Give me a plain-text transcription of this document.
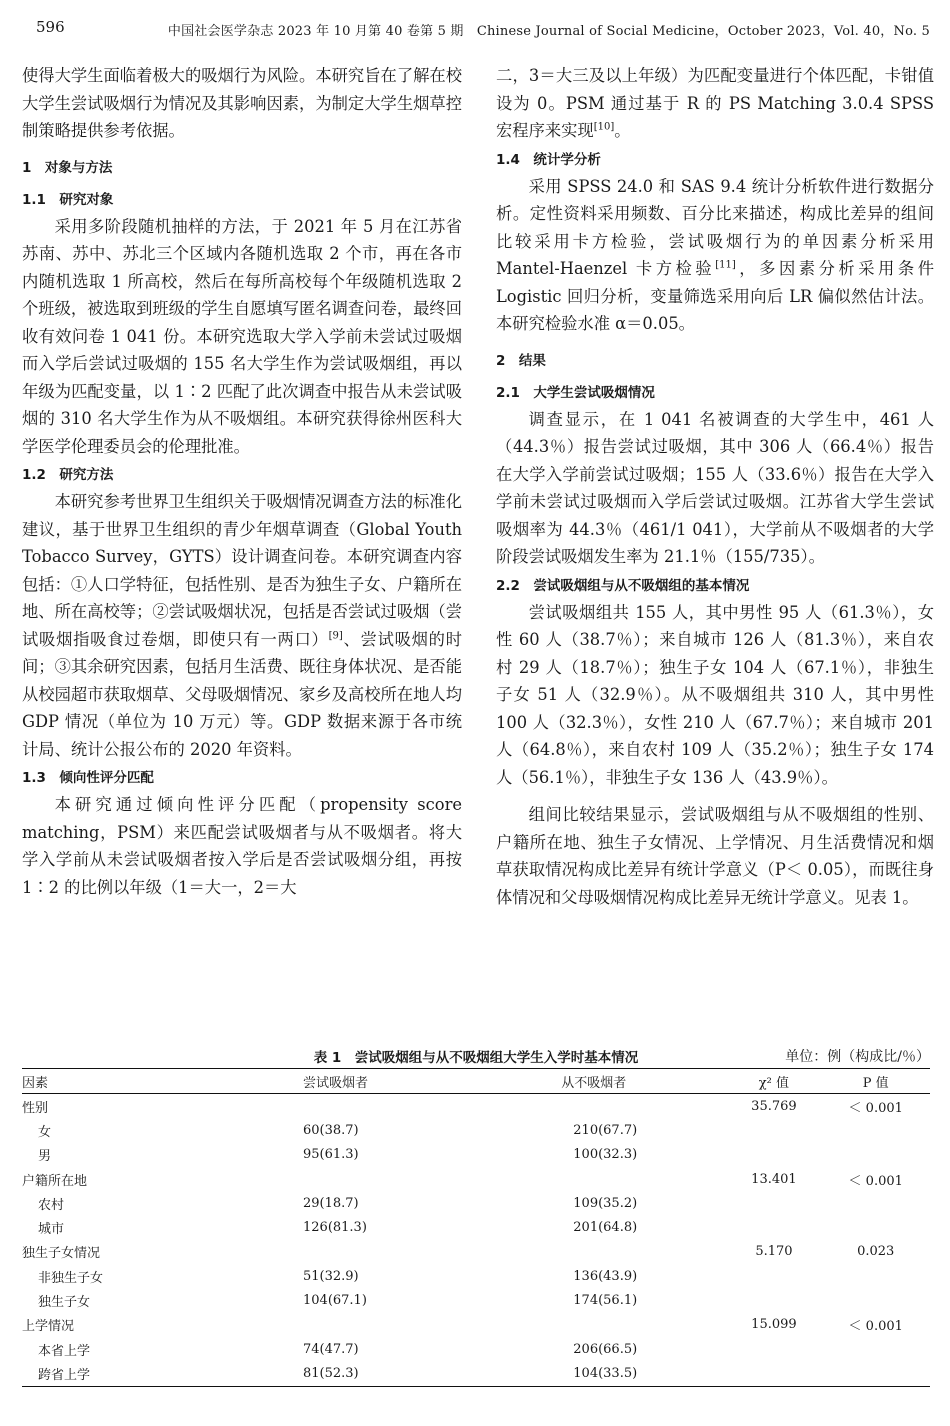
596	中国社会医学杂志 2023 年 10 月第 40 卷第 5 期　Chinese Journal of Social Medicine，October 2023，Vol. 40，No. 5

使得大学生面临着极大的吸烟行为风险。本研究旨在了解在校大学生尝试吸烟行为情况及其影响因素，为制定大学生烟草控制策略提供参考依据。

1　对象与方法
1.1　研究对象

采用多阶段随机抽样的方法，于 2021 年 5 月在江苏省苏南、苏中、苏北三个区域内各随机选取 2 个市，再在各市内随机选取 1 所高校，然后在每所高校每个年级随机选取 2 个班级，被选取到班级的学生自愿填写匿名调查问卷，最终回收有效问卷 1 041 份。本研究选取大学入学前未尝试过吸烟而入学后尝试过吸烟的 155 名大学生作为尝试吸烟组，再以年级为匹配变量，以 1∶2 匹配了此次调查中报告从未尝试吸烟的 310 名大学生作为从不吸烟组。本研究获得徐州医科大学医学伦理委员会的伦理批准。

1.2　研究方法

本研究参考世界卫生组织关于吸烟情况调查方法的标准化建议，基于世界卫生组织的青少年烟草调查（Global Youth Tobacco Survey，GYTS）设计调查问卷。本研究调查内容包括：①人口学特征，包括性别、是否为独生子女、户籍所在地、所在高校等；②尝试吸烟状况，包括是否尝试过吸烟（尝试吸烟指吸食过卷烟，即使只有一两口）[9]、尝试吸烟的时间；③其余研究因素，包括月生活费、既往身体状况、是否能从校园超市获取烟草、父母吸烟情况、家乡及高校所在地人均 GDP 情况（单位为 10 万元）等。GDP 数据来源于各市统计局、统计公报公布的 2020 年资料。

1.3　倾向性评分匹配

本研究通过倾向性评分匹配（propensity score matching，PSM）来匹配尝试吸烟者与从不吸烟者。将大学入学前从未尝试吸烟者按入学后是否尝试吸烟分组，再按 1∶2 的比例以年级（1＝大一，2＝大

二，3＝大三及以上年级）为匹配变量进行个体匹配，卡钳值设为 0。PSM 通过基于 R 的 PS Matching 3.0.4 SPSS 宏程序来实现[10]。

1.4　统计学分析

采用 SPSS 24.0 和 SAS 9.4 统计分析软件进行数据分析。定性资料采用频数、百分比来描述，构成比差异的组间比较采用卡方检验，尝试吸烟行为的单因素分析采用 Mantel-Haenzel 卡方检验[11]，多因素分析采用条件 Logistic 回归分析，变量筛选采用向后 LR 偏似然估计法。本研究检验水准 α＝0.05。

2　结果
2.1　大学生尝试吸烟情况

调查显示，在 1 041 名被调查的大学生中，461 人（44.3％）报告尝试过吸烟，其中 306 人（66.4％）报告在大学入学前尝试过吸烟；155 人（33.6％）报告在大学入学前未尝试过吸烟而入学后尝试过吸烟。江苏省大学生尝试吸烟率为 44.3％（461/1 041），大学前从不吸烟者的大学阶段尝试吸烟发生率为 21.1％（155/735）。

2.2　尝试吸烟组与从不吸烟组的基本情况

尝试吸烟组共 155 人，其中男性 95 人（61.3％），女性 60 人（38.7％）；来自城市 126 人（81.3％），来自农村 29 人（18.7％）；独生子女 104 人（67.1％），非独生子女 51 人（32.9％）。从不吸烟组共 310 人，其中男性 100 人（32.3％），女性 210 人（67.7％）；来自城市 201 人（64.8％），来自农村 109 人（35.2％）；独生子女 174 人（56.1％），非独生子女 136 人（43.9％）。

组间比较结果显示，尝试吸烟组与从不吸烟组的性别、户籍所在地、独生子女情况、上学情况、月生活费情况和烟草获取情况构成比差异有统计学意义（P＜ 0.05），而既往身体情况和父母吸烟情况构成比差异无统计学意义。见表 1。

表 1　尝试吸烟组与从不吸烟组大学生入学时基本情况	单位：例（构成比/％）
因素	尝试吸烟者	从不吸烟者	χ² 值	P 值
性别			35.769	＜ 0.001
女	60(38.7)	210(67.7)		
男	95(61.3)	100(32.3)		
户籍所在地			13.401	＜ 0.001
农村	29(18.7)	109(35.2)		
城市	126(81.3)	201(64.8)		
独生子女情况			5.170	0.023
非独生子女	51(32.9)	136(43.9)		
独生子女	104(67.1)	174(56.1)		
上学情况			15.099	＜ 0.001
本省上学	74(47.7)	206(66.5)		
跨省上学	81(52.3)	104(33.5)		
